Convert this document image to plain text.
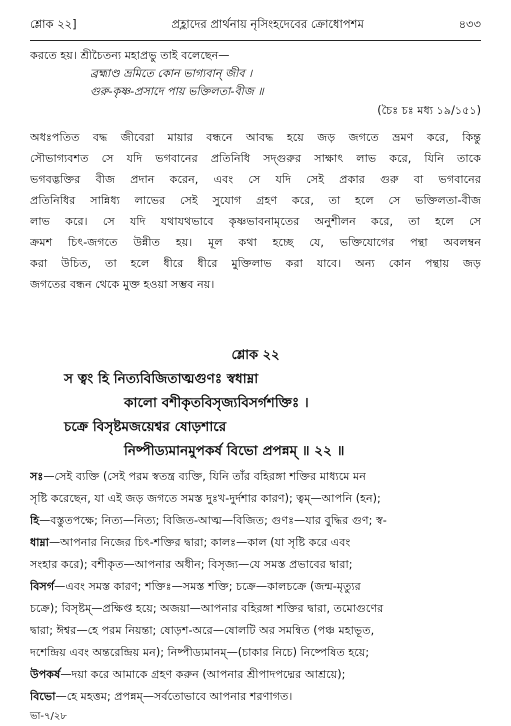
শ্লোক ২২]	প্রহ্লাদের প্রার্থনায় নৃসিংহদেবের ক্রোধোপশম	৪৩৩
করতে হয়। শ্রীচৈতন্য মহাপ্রভু তাই বলেছেন—
ব্রহ্মাণ্ড ভ্রমিতে কোন ভাগ্যবান্ জীব ।
গুরু-কৃষ্ণ-প্রসাদে পায় ভক্তিলতা-বীজ ॥
(চৈঃ চঃ মধ্য ১৯/১৫১)
অধঃপতিত বদ্ধ জীবেরা মায়ার বন্ধনে আবদ্ধ হয়ে জড় জগতে ভ্রমণ করে, কিন্তু
সৌভাগ্যবশত সে যদি ভগবানের প্রতিনিধি সদ্গুরুর সাক্ষাৎ লাভ করে, যিনি তাকে
ভগবদ্ভক্তির বীজ প্রদান করেন, এবং সে যদি সেই প্রকার গুরু বা ভগবানের
প্রতিনিধির সান্নিধ্য লাভের সেই সুযোগ গ্রহণ করে, তা হলে সে ভক্তিলতা-বীজ
লাভ করে। সে যদি যথাযথভাবে কৃষ্ণভাবনামৃতের অনুশীলন করে, তা হলে সে
ক্রমশ চিৎ-জগতে উন্নীত হয়। মূল কথা হচ্ছে যে, ভক্তিযোগের পন্থা অবলম্বন
করা উচিত, তা হলে ধীরে ধীরে মুক্তিলাভ করা যাবে। অন্য কোন পন্থায় জড়
জগতের বন্ধন থেকে মুক্ত হওয়া সম্ভব নয়।
শ্লোক ২২
স ত্বং হি নিত্যবিজিতাত্মগুণঃ স্বধাম্না
কালো বশীকৃতবিসৃজ্যবিসর্গশক্তিঃ ।
চক্রে বিসৃষ্টমজয়েশ্বর ষোড়শারে
নিষ্পীড্যমানমুপকর্ষ বিভো প্রপন্নম্ ॥ ২২ ॥
সঃ—সেই ব্যক্তি (সেই পরম স্বতন্ত্র ব্যক্তি, যিনি তাঁর বহিরঙ্গা শক্তির মাধ্যমে মন
সৃষ্টি করেছেন, যা এই জড় জগতে সমস্ত দুঃখ-দুর্দশার কারণ); ত্বম্—আপনি (হন);
হি—বস্তুতপক্ষে; নিত্য—নিত্য; বিজিত-আত্ম—বিজিত; গুণঃ—যার বুদ্ধির গুণ; স্ব-
ধাম্না—আপনার নিজের চিৎ-শক্তির দ্বারা; কালঃ—কাল (যা সৃষ্টি করে এবং
সংহার করে); বশীকৃত—আপনার অধীন; বিসৃজ্য—যে সমস্ত প্রভাবের দ্বারা;
বিসর্গ—এবং সমস্ত কারণ; শক্তিঃ—সমস্ত শক্তি; চক্রে—কালচক্রে (জন্ম-মৃত্যুর
চক্রে); বিসৃষ্টম্—প্রক্ষিপ্ত হয়ে; অজয়া—আপনার বহিরঙ্গা শক্তির দ্বারা, তমোগুণের
দ্বারা; ঈশ্বর—হে পরম নিয়ন্তা; ষোড়শ-অরে—ষোলটি অর সমন্বিত (পঞ্চ মহাভূত,
দশেন্দ্রিয় এবং অন্তরেন্দ্রিয় মন); নিষ্পীড্যমানম্—(চাকার নিচে) নিষ্পেষিত হয়ে;
উপকর্ষ—দয়া করে আমাকে গ্রহণ করুন (আপনার শ্রীপাদপদ্মের আশ্রয়ে);
বিভো—হে মহত্তম; প্রপন্নম্—সর্বতোভাবে আপনার শরণাগত।
ভা-৭/২৮
